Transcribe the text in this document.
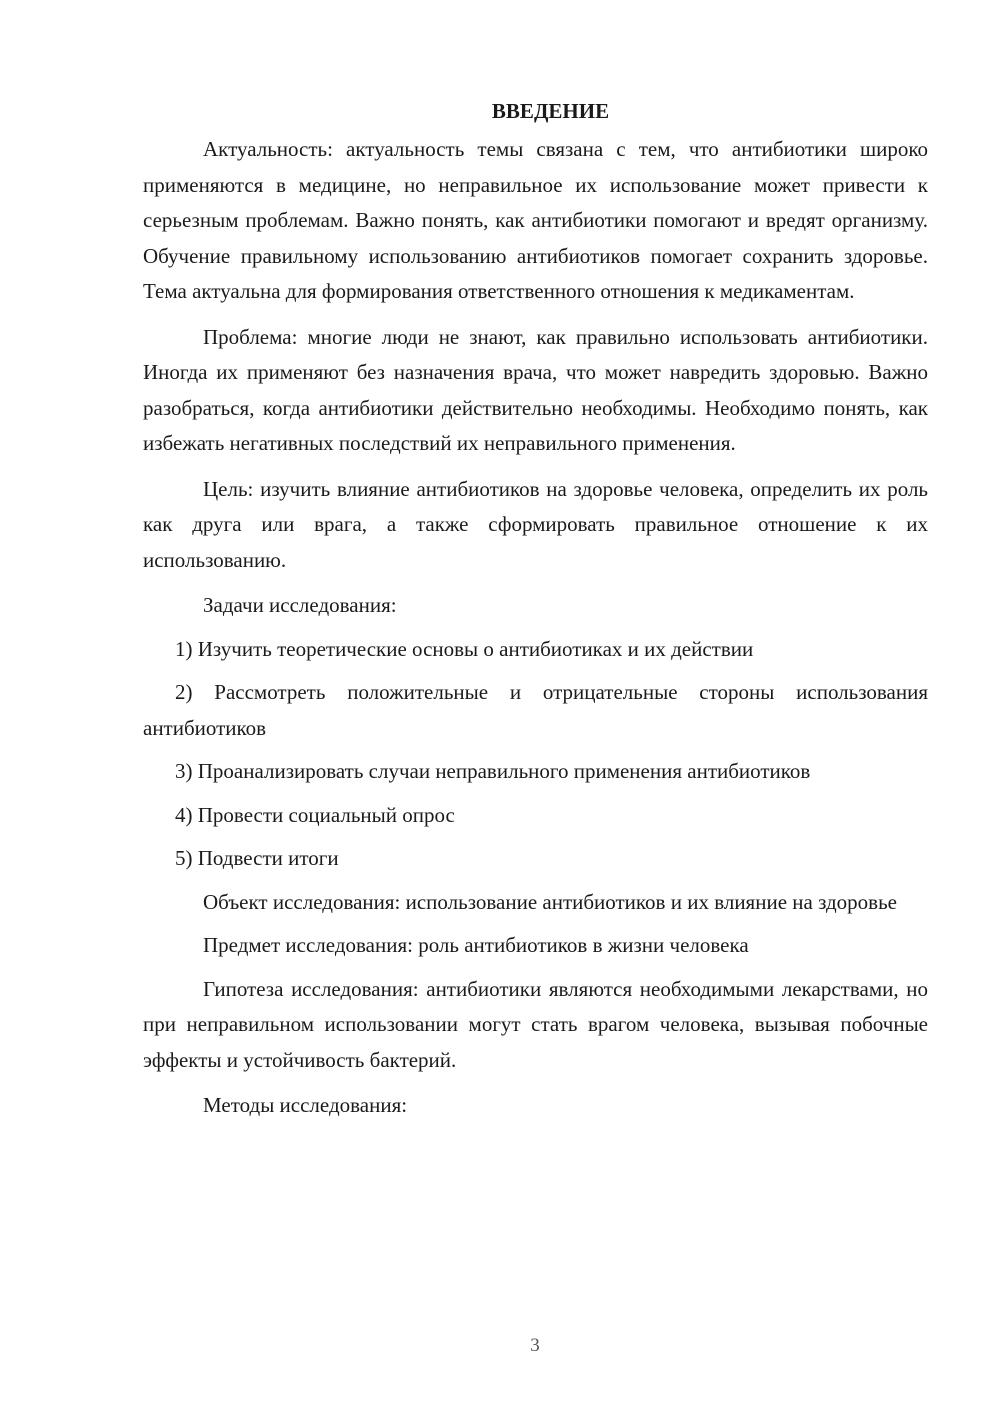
ВВЕДЕНИЕ

Актуальность: актуальность темы связана с тем, что антибиотики широко применяются в медицине, но неправильное их использование может привести к серьезным проблемам. Важно понять, как антибиотики помогают и вредят организму. Обучение правильному использованию антибиотиков помогает сохранить здоровье. Тема актуальна для формирования ответственного отношения к медикаментам.

Проблема: многие люди не знают, как правильно использовать антибиотики. Иногда их применяют без назначения врача, что может навредить здоровью. Важно разобраться, когда антибиотики действительно необходимы. Необходимо понять, как избежать негативных последствий их неправильного применения.

Цель: изучить влияние антибиотиков на здоровье человека, определить их роль как друга или врага, а также сформировать правильное отношение к их использованию.

Задачи исследования:

1) Изучить теоретические основы о антибиотиках и их действии

2) Рассмотреть положительные и отрицательные стороны использования антибиотиков

3) Проанализировать случаи неправильного применения антибиотиков

4) Провести социальный опрос

5) Подвести итоги

Объект исследования: использование антибиотиков и их влияние на здоровье

Предмет исследования: роль антибиотиков в жизни человека

Гипотеза исследования: антибиотики являются необходимыми лекарствами, но при неправильном использовании могут стать врагом человека, вызывая побочные эффекты и устойчивость бактерий.

Методы исследования:

3
